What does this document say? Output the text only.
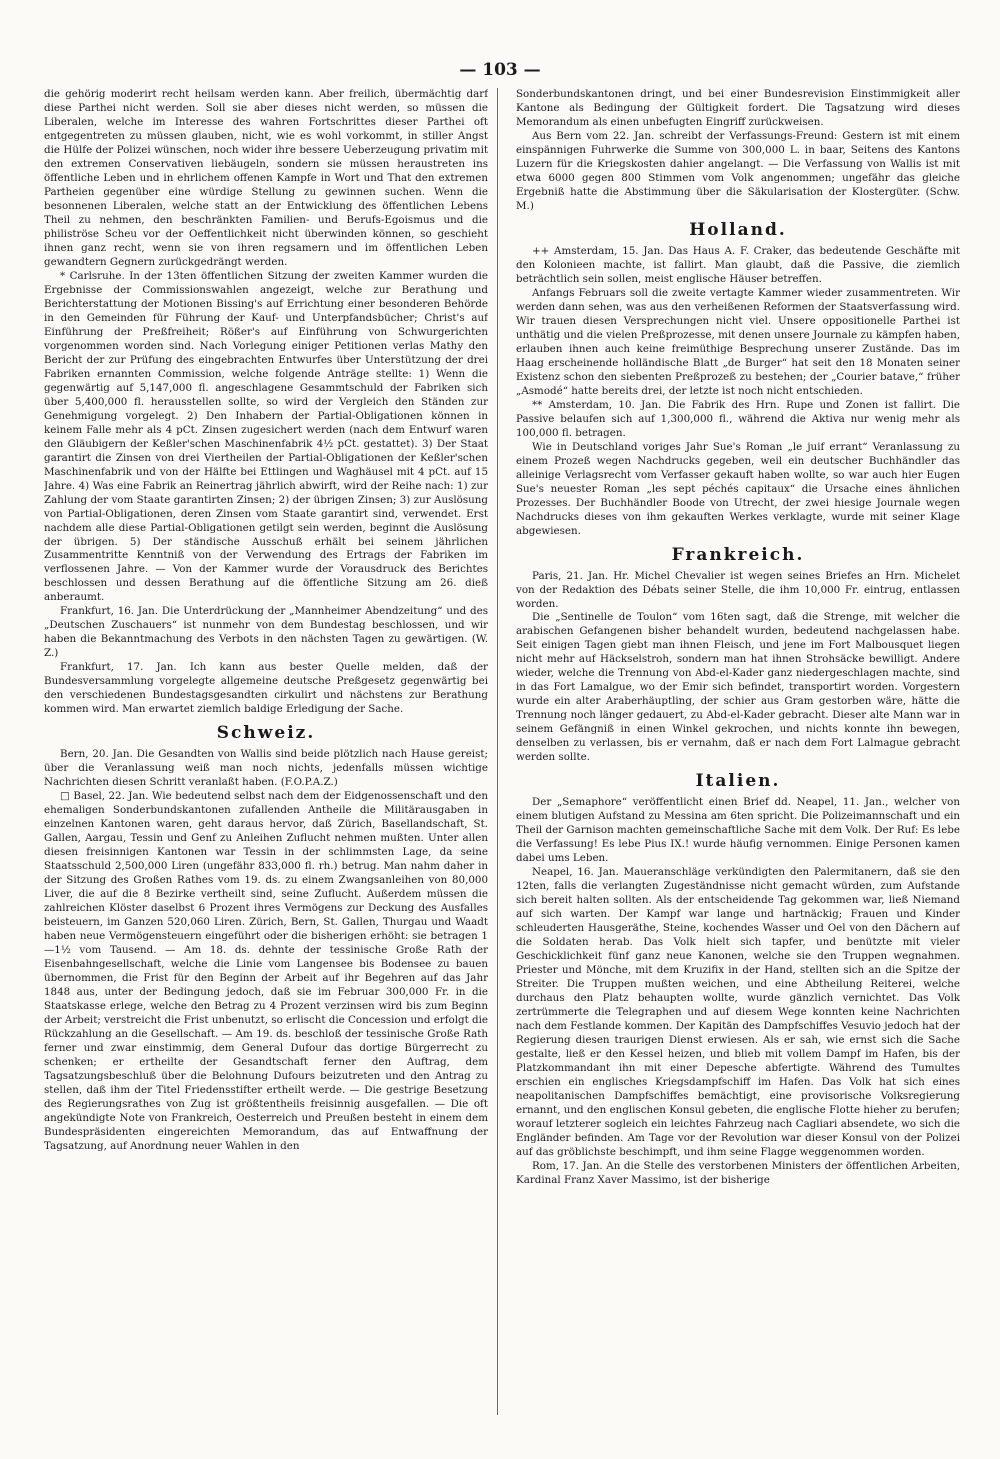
— 103 —

die gehörig moderirt recht heilsam werden kann. Aber freilich, übermächtig darf diese Parthei nicht werden. Soll sie aber dieses nicht werden, so müssen die Liberalen, welche im Interesse des wahren Fortschrittes dieser Parthei oft entgegentreten zu müssen glauben, nicht, wie es wohl vorkommt, in stiller Angst die Hülfe der Polizei wünschen, noch wider ihre bessere Ueberzeugung privatim mit den extremen Conservativen liebäugeln, sondern sie müssen heraustreten ins öffentliche Leben und in ehrlichem offenen Kampfe in Wort und That den extremen Partheien gegenüber eine würdige Stellung zu gewinnen suchen. Wenn die besonnenen Liberalen, welche statt an der Entwicklung des öffentlichen Lebens Theil zu nehmen, den beschränkten Familien- und Berufs-Egoismus und die philiströse Scheu vor der Oeffentlichkeit nicht überwinden können, so geschieht ihnen ganz recht, wenn sie von ihren regsamern und im öffentlichen Leben gewandtern Gegnern zurückgedrängt werden.

* Carlsruhe. In der 13ten öffentlichen Sitzung der zweiten Kammer wurden die Ergebnisse der Commissionswahlen angezeigt, welche zur Berathung und Berichterstattung der Motionen Bissing's auf Errichtung einer besonderen Behörde in den Gemeinden für Führung der Kauf- und Unterpfandsbücher; Christ's auf Einführung der Preßfreiheit; Rößer's auf Einführung von Schwurgerichten vorgenommen worden sind. Nach Vorlegung einiger Petitionen verlas Mathy den Bericht der zur Prüfung des eingebrachten Entwurfes über Unterstützung der drei Fabriken ernannten Commission, welche folgende Anträge stellte: 1) Wenn die gegenwärtig auf 5,147,000 fl. angeschlagene Gesammtschuld der Fabriken sich über 5,400,000 fl. herausstellen sollte, so wird der Vergleich den Ständen zur Genehmigung vorgelegt. 2) Den Inhabern der Partial-Obligationen können in keinem Falle mehr als 4 pCt. Zinsen zugesichert werden (nach dem Entwurf waren den Gläubigern der Keßler'schen Maschinenfabrik 4½ pCt. gestattet). 3) Der Staat garantirt die Zinsen von drei Viertheilen der Partial-Obligationen der Keßler'schen Maschinenfabrik und von der Hälfte bei Ettlingen und Waghäusel mit 4 pCt. auf 15 Jahre. 4) Was eine Fabrik an Reinertrag jährlich abwirft, wird der Reihe nach: 1) zur Zahlung der vom Staate garantirten Zinsen; 2) der übrigen Zinsen; 3) zur Auslösung von Partial-Obligationen, deren Zinsen vom Staate garantirt sind, verwendet. Erst nachdem alle diese Partial-Obligationen getilgt sein werden, beginnt die Auslösung der übrigen. 5) Der ständische Ausschuß erhält bei seinem jährlichen Zusammentritte Kenntniß von der Verwendung des Ertrags der Fabriken im verflossenen Jahre. — Von der Kammer wurde der Vorausdruck des Berichtes beschlossen und dessen Berathung auf die öffentliche Sitzung am 26. dieß anberaumt.

Frankfurt, 16. Jan. Die Unterdrückung der „Mannheimer Abendzeitung“ und des „Deutschen Zuschauers“ ist nunmehr von dem Bundestag beschlossen, und wir haben die Bekanntmachung des Verbots in den nächsten Tagen zu gewärtigen. (W. Z.)

Frankfurt, 17. Jan. Ich kann aus bester Quelle melden, daß der Bundesversammlung vorgelegte allgemeine deutsche Preßgesetz gegenwärtig bei den verschiedenen Bundestagsgesandten cirkulirt und nächstens zur Berathung kommen wird. Man erwartet ziemlich baldige Erledigung der Sache.

Schweiz.

Bern, 20. Jan. Die Gesandten von Wallis sind beide plötzlich nach Hause gereist; über die Veranlassung weiß man noch nichts, jedenfalls müssen wichtige Nachrichten diesen Schritt veranlaßt haben. (F.O.P.A.Z.)

□ Basel, 22. Jan. Wie bedeutend selbst nach dem der Eidgenossenschaft und den ehemaligen Sonderbundskantonen zufallenden Antheile die Militärausgaben in einzelnen Kantonen waren, geht daraus hervor, daß Zürich, Basellandschaft, St. Gallen, Aargau, Tessin und Genf zu Anleihen Zuflucht nehmen mußten. Unter allen diesen freisinnigen Kantonen war Tessin in der schlimmsten Lage, da seine Staatsschuld 2,500,000 Liren (ungefähr 833,000 fl. rh.) betrug. Man nahm daher in der Sitzung des Großen Rathes vom 19. ds. zu einem Zwangsanleihen von 80,000 Liver, die auf die 8 Bezirke vertheilt sind, seine Zuflucht. Außerdem müssen die zahlreichen Klöster daselbst 6 Prozent ihres Vermögens zur Deckung des Ausfalles beisteuern, im Ganzen 520,060 Liren. Zürich, Bern, St. Gallen, Thurgau und Waadt haben neue Vermögensteuern eingeführt oder die bisherigen erhöht: sie betragen 1—1½ vom Tausend. — Am 18. ds. dehnte der tessinische Große Rath der Eisenbahngesellschaft, welche die Linie vom Langensee bis Bodensee zu bauen übernommen, die Frist für den Beginn der Arbeit auf ihr Begehren auf das Jahr 1848 aus, unter der Bedingung jedoch, daß sie im Februar 300,000 Fr. in die Staatskasse erlege, welche den Betrag zu 4 Prozent verzinsen wird bis zum Beginn der Arbeit; verstreicht die Frist unbenutzt, so erlischt die Concession und erfolgt die Rückzahlung an die Gesellschaft. — Am 19. ds. beschloß der tessinische Große Rath ferner und zwar einstimmig, dem General Dufour das dortige Bürgerrecht zu schenken; er ertheilte der Gesandtschaft ferner den Auftrag, dem Tagsatzungsbeschluß über die Belohnung Dufours beizutreten und den Antrag zu stellen, daß ihm der Titel Friedensstifter ertheilt werde. — Die gestrige Besetzung des Regierungsrathes von Zug ist größtentheils freisinnig ausgefallen. — Die oft angekündigte Note von Frankreich, Oesterreich und Preußen besteht in einem dem Bundespräsidenten eingereichten Memorandum, das auf Entwaffnung der Tagsatzung, auf Anordnung neuer Wahlen in den

Sonderbundskantonen dringt, und bei einer Bundesrevision Einstimmigkeit aller Kantone als Bedingung der Gültigkeit fordert. Die Tagsatzung wird dieses Memorandum als einen unbefugten Eingriff zurückweisen.

Aus Bern vom 22. Jan. schreibt der Verfassungs-Freund: Gestern ist mit einem einspännigen Fuhrwerke die Summe von 300,000 L. in baar, Seitens des Kantons Luzern für die Kriegskosten dahier angelangt. — Die Verfassung von Wallis ist mit etwa 6000 gegen 800 Stimmen vom Volk angenommen; ungefähr das gleiche Ergebniß hatte die Abstimmung über die Säkularisation der Klostergüter. (Schw. M.)

Holland.

++ Amsterdam, 15. Jan. Das Haus A. F. Craker, das bedeutende Geschäfte mit den Kolonieen machte, ist fallirt. Man glaubt, daß die Passive, die ziemlich beträchtlich sein sollen, meist englische Häuser betreffen.

Anfangs Februars soll die zweite vertagte Kammer wieder zusammentreten. Wir werden dann sehen, was aus den verheißenen Reformen der Staatsverfassung wird. Wir trauen diesen Versprechungen nicht viel. Unsere oppositionelle Parthei ist unthätig und die vielen Preßprozesse, mit denen unsere Journale zu kämpfen haben, erlauben ihnen auch keine freimüthige Besprechung unserer Zustände. Das im Haag erscheinende holländische Blatt „de Burger“ hat seit den 18 Monaten seiner Existenz schon den siebenten Preßprozeß zu bestehen; der „Courier batave,“ früher „Asmodé“ hatte bereits drei, der letzte ist noch nicht entschieden.

** Amsterdam, 10. Jan. Die Fabrik des Hrn. Rupe und Zonen ist fallirt. Die Passive belaufen sich auf 1,300,000 fl., während die Aktiva nur wenig mehr als 100,000 fl. betragen.

Wie in Deutschland voriges Jahr Sue's Roman „le juif errant“ Veranlassung zu einem Prozeß wegen Nachdrucks gegeben, weil ein deutscher Buchhändler das alleinige Verlagsrecht vom Verfasser gekauft haben wollte, so war auch hier Eugen Sue's neuester Roman „les sept péchés capitaux“ die Ursache eines ähnlichen Prozesses. Der Buchhändler Boode von Utrecht, der zwei hiesige Journale wegen Nachdrucks dieses von ihm gekauften Werkes verklagte, wurde mit seiner Klage abgewiesen.

Frankreich.

Paris, 21. Jan. Hr. Michel Chevalier ist wegen seines Briefes an Hrn. Michelet von der Redaktion des Débats seiner Stelle, die ihm 10,000 Fr. eintrug, entlassen worden.

Die „Sentinelle de Toulon“ vom 16ten sagt, daß die Strenge, mit welcher die arabischen Gefangenen bisher behandelt wurden, bedeutend nachgelassen habe. Seit einigen Tagen giebt man ihnen Fleisch, und jene im Fort Malbousquet liegen nicht mehr auf Häckselstroh, sondern man hat ihnen Strohsäcke bewilligt. Andere wieder, welche die Trennung von Abd-el-Kader ganz niedergeschlagen machte, sind in das Fort Lamalgue, wo der Emir sich befindet, transportirt worden. Vorgestern wurde ein alter Araberhäuptling, der schier aus Gram gestorben wäre, hätte die Trennung noch länger gedauert, zu Abd-el-Kader gebracht. Dieser alte Mann war in seinem Gefängniß in einen Winkel gekrochen, und nichts konnte ihn bewegen, denselben zu verlassen, bis er vernahm, daß er nach dem Fort Lalmague gebracht werden sollte.

Italien.

Der „Semaphore“ veröffentlicht einen Brief dd. Neapel, 11. Jan., welcher von einem blutigen Aufstand zu Messina am 6ten spricht. Die Polizeimannschaft und ein Theil der Garnison machten gemeinschaftliche Sache mit dem Volk. Der Ruf: Es lebe die Verfassung! Es lebe Pius IX.! wurde häufig vernommen. Einige Personen kamen dabei ums Leben.

Neapel, 16. Jan. Maueranschläge verkündigten den Palermitanern, daß sie den 12ten, falls die verlangten Zugeständnisse nicht gemacht würden, zum Aufstande sich bereit halten sollten. Als der entscheidende Tag gekommen war, ließ Niemand auf sich warten. Der Kampf war lange und hartnäckig; Frauen und Kinder schleuderten Hausgeräthe, Steine, kochendes Wasser und Oel von den Dächern auf die Soldaten herab. Das Volk hielt sich tapfer, und benützte mit vieler Geschicklichkeit fünf ganz neue Kanonen, welche sie den Truppen wegnahmen. Priester und Mönche, mit dem Kruzifix in der Hand, stellten sich an die Spitze der Streiter. Die Truppen mußten weichen, und eine Abtheilung Reiterei, welche durchaus den Platz behaupten wollte, wurde gänzlich vernichtet. Das Volk zertrümmerte die Telegraphen und auf diesem Wege konnten keine Nachrichten nach dem Festlande kommen. Der Kapitän des Dampfschiffes Vesuvio jedoch hat der Regierung diesen traurigen Dienst erwiesen. Als er sah, wie ernst sich die Sache gestalte, ließ er den Kessel heizen, und blieb mit vollem Dampf im Hafen, bis der Platzkommandant ihn mit einer Depesche abfertigte. Während des Tumultes erschien ein englisches Kriegsdampfschiff im Hafen. Das Volk hat sich eines neapolitanischen Dampfschiffes bemächtigt, eine provisorische Volksregierung ernannt, und den englischen Konsul gebeten, die englische Flotte hieher zu berufen; worauf letzterer sogleich ein leichtes Fahrzeug nach Cagliari absendete, wo sich die Engländer befinden. Am Tage vor der Revolution war dieser Konsul von der Polizei auf das gröblichste beschimpft, und ihm seine Flagge weggenommen worden.

Rom, 17. Jan. An die Stelle des verstorbenen Ministers der öffentlichen Arbeiten, Kardinal Franz Xaver Massimo, ist der bisherige
